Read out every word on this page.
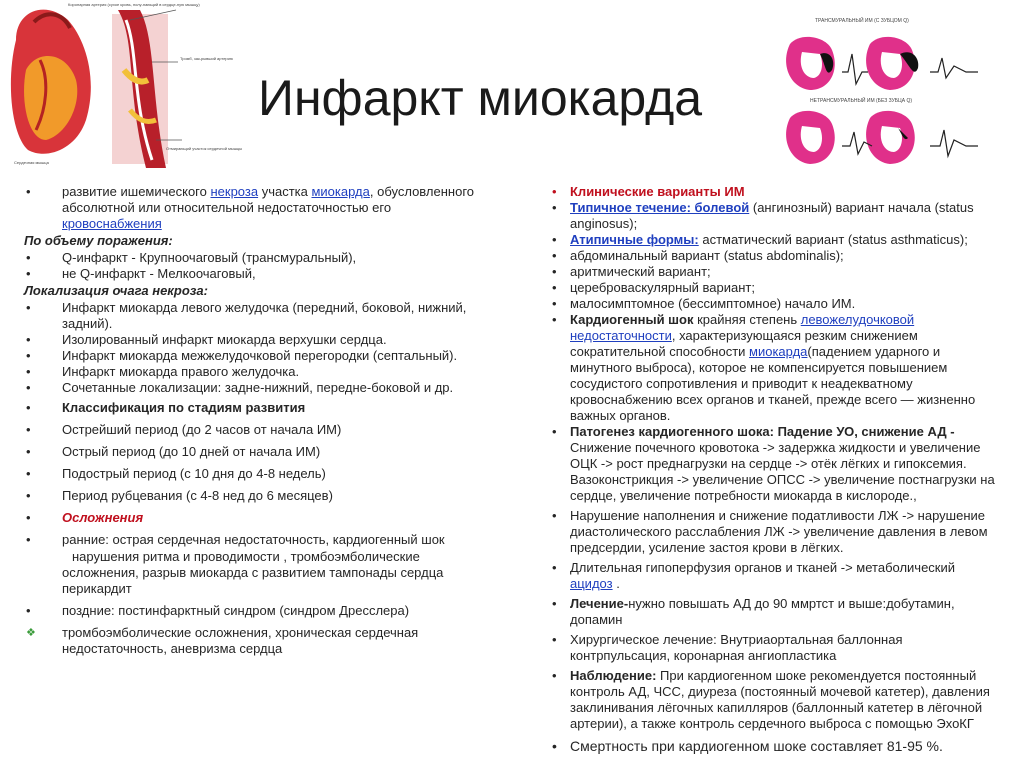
Инфаркт миокарда
Коронарная артерия (сухое кровь, полу-пающий в сердце-ную мышцу)
Тромб, зак-рывший артерию
Отмирающий участок сердечной мышцы
Сердечная мышца
ТРАНСМУРАЛЬНЫЙ ИМ (С ЗУБЦОМ Q)
НЕТРАНСМУРАЛЬНЫЙ ИМ (БЕЗ ЗУБЦА Q)

•	развитие ишемического некроза участка миокарда, обусловленного абсолютной или относительной недостаточностью его кровоснабжения

По объему поражения:

•	Q-инфаркт - Крупноочаговый (трансмуральный),

•	не Q-инфаркт - Мелкоочаговый,

Локализация очага некроза:

•	Инфаркт миокарда левого желудочка (передний, боковой, нижний, задний).

•	Изолированный инфаркт миокарда верхушки сердца.

•	Инфаркт миокарда межжелудочковой перегородки (септальный).

•	Инфаркт миокарда правого желудочка.

•	Сочетанные локализации: задне-нижний, передне-боковой и др.

•	Классификация по стадиям развития

•	Острейший период (до 2 часов от начала ИМ)

•	Острый период (до 10 дней от начала ИМ)

•	Подострый период (с 10 дня до 4-8 недель)

•	Период рубцевания (с 4-8 нед до 6 месяцев)

•	Осложнения

•	ранние: острая сердечная недостаточность, кардиогенный шок

нарушения ритма и проводимости , тромбоэмболические осложнения, разрыв миокарда с развитием тампонады сердца перикардит

•	поздние: постинфарктный синдром (синдром Дресслера)

❖	тромбоэмболические осложнения, хроническая сердечная недостаточность, аневризма сердца

•	Клинические варианты ИМ

•	Типичное течение: болевой (ангинозный) вариант начала (status anginosus);

•	Атипичные формы: астматический вариант (status asthmaticus);

•	абдоминальный вариант (status abdominalis);

•	аритмический вариант;

•	цереброваскулярный вариант;

•	малосимптомное (бессимптомное) начало ИМ.

•	Кардиогенный шок крайняя степень левожелудочковой недостаточности, характеризующаяся резким снижением сократительной способности миокарда(падением ударного и минутного выброса), которое не компенсируется повышением сосудистого сопротивления и приводит к неадекватному кровоснабжению всех органов и тканей, прежде всего — жизненно важных органов.

•	Патогенез кардиогенного шока: Падение УО, снижение АД - Снижение почечного кровотока -> задержка жидкости и увеличение ОЦК -> рост преднагрузки на сердце -> отёк лёгких и гипоксемия. Вазоконстрикция -> увеличение ОПСС -> увеличение постнагрузки на сердце, увеличение потребности миокарда в кислороде.,

•	Нарушение наполнения и снижение податливости ЛЖ -> нарушение диастолического расслабления ЛЖ -> увеличение давления в левом предсердии, усиление застоя крови в лёгких.

•	Длительная гипоперфузия органов и тканей -> метаболический ацидоз .

•	Лечение-нужно повышать АД до 90 ммртст и выше:добутамин, допамин

•	Хирургическое лечение: Внутриаортальная баллонная контрпульсация, коронарная ангиопластика

•	Наблюдение: При кардиогенном шоке рекомендуется постоянный контроль АД, ЧСС, диуреза (постоянный мочевой катетер), давления заклинивания лёгочных капилляров (баллонный катетер в лёгочной артерии), а также контроль сердечного выброса с помощью ЭхоКГ

• Смертность при кардиогенном шоке составляет 81-95 %.
